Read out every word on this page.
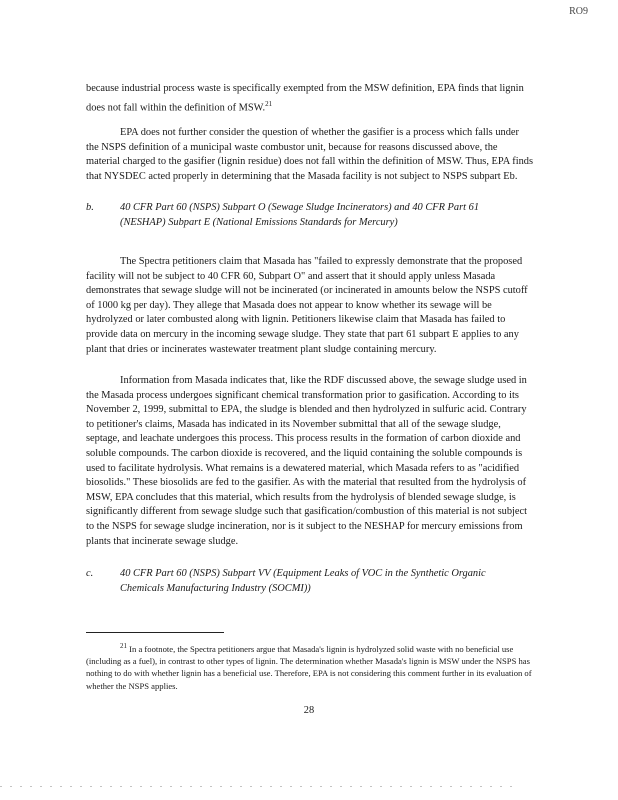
RO9

because industrial process waste is specifically exempted from the MSW definition, EPA finds that lignin does not fall within the definition of MSW.$^{21}$

EPA does not further consider the question of whether the gasifier is a process which falls under the NSPS definition of a municipal waste combustor unit, because for reasons discussed above, the material charged to the gasifier (lignin residue) does not fall within the definition of MSW. Thus, EPA finds that NYSDEC acted properly in determining that the Masada facility is not subject to NSPS subpart Eb.

b.	40 CFR Part 60 (NSPS) Subpart O (Sewage Sludge Incinerators) and 40 CFR Part 61 (NESHAP) Subpart E (National Emissions Standards for Mercury)

The Spectra petitioners claim that Masada has "failed to expressly demonstrate that the proposed facility will not be subject to 40 CFR 60, Subpart O" and assert that it should apply unless Masada demonstrates that sewage sludge will not be incinerated (or incinerated in amounts below the NSPS cutoff of 1000 kg per day). They allege that Masada does not appear to know whether its sewage will be hydrolyzed or later combusted along with lignin. Petitioners likewise claim that Masada has failed to provide data on mercury in the incoming sewage sludge. They state that part 61 subpart E applies to any plant that dries or incinerates wastewater treatment plant sludge containing mercury.

Information from Masada indicates that, like the RDF discussed above, the sewage sludge used in the Masada process undergoes significant chemical transformation prior to gasification. According to its November 2, 1999, submittal to EPA, the sludge is blended and then hydrolyzed in sulfuric acid. Contrary to petitioner's claims, Masada has indicated in its November submittal that all of the sewage sludge, septage, and leachate undergoes this process. This process results in the formation of carbon dioxide and soluble compounds. The carbon dioxide is recovered, and the liquid containing the soluble compounds is used to facilitate hydrolysis. What remains is a dewatered material, which Masada refers to as "acidified biosolids." These biosolids are fed to the gasifier. As with the material that resulted from the hydrolysis of MSW, EPA concludes that this material, which results from the hydrolysis of blended sewage sludge, is significantly different from sewage sludge such that gasification/combustion of this material is not subject to the NSPS for sewage sludge incineration, nor is it subject to the NESHAP for mercury emissions from plants that incinerate sewage sludge.

c.	40 CFR Part 60 (NSPS) Subpart VV (Equipment Leaks of VOC in the Synthetic Organic Chemicals Manufacturing Industry (SOCMI))

$^{21}$ In a footnote, the Spectra petitioners argue that Masada's lignin is hydrolyzed solid waste with no beneficial use (including as a fuel), in contrast to other types of lignin. The determination whether Masada's lignin is MSW under the NSPS has nothing to do with whether lignin has a beneficial use. Therefore, EPA is not considering this comment further in its evaluation of whether the NSPS applies.

28
. . . . . . . . . . . . . . . . . . . . . . . . . . . . . . . . . . . . . . . . . . . . . . . . . . . .
